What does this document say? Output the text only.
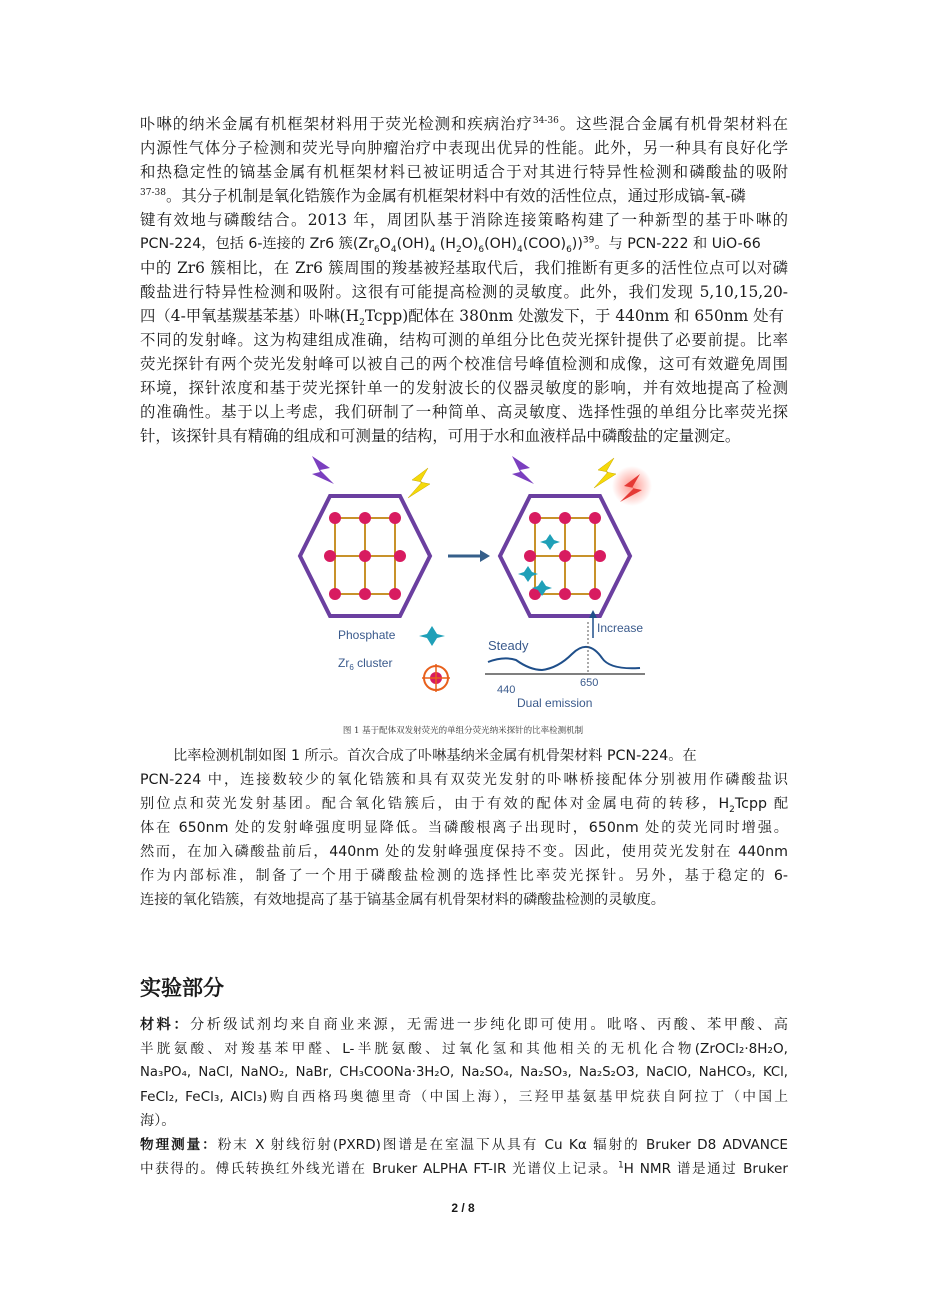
卟啉的纳米金属有机框架材料用于荧光检测和疾病治疗$^{34-36}$。这些混合金属有机骨架材料在
内源性气体分子检测和荧光导向肿瘤治疗中表现出优异的性能。此外，另一种具有良好化学
和热稳定性的镐基金属有机框架材料已被证明适合于对其进行特异性检测和磷酸盐的吸附
$^{37-38}$。其分子机制是氧化锆簇作为金属有机框架材料中有效的活性位点，通过形成镐-氧-磷
键有效地与磷酸结合。2013 年，周团队基于消除连接策略构建了一种新型的基于卟啉的
PCN-224，包括 6-连接的 Zr6 簇($Zr_6O_4(OH)_4$ $(H_2O)_6(OH)_4(COO)_6))^{39}$。与 PCN-222 和 UiO-66
中的 Zr6 簇相比，在 Zr6 簇周围的羧基被羟基取代后，我们推断有更多的活性位点可以对磷
酸盐进行特异性检测和吸附。这很有可能提高检测的灵敏度。此外，我们发现 5,10,15,20-
四（4-甲氧基羰基苯基）卟啉$(H_2Tcpp)$配体在 380nm 处激发下，于 440nm 和 650nm 处有
不同的发射峰。这为构建组成准确，结构可测的单组分比色荧光探针提供了必要前提。比率
荧光探针有两个荧光发射峰可以被自己的两个校准信号峰值检测和成像，这可有效避免周围
环境，探针浓度和基于荧光探针单一的发射波长的仪器灵敏度的影响，并有效地提高了检测
的准确性。基于以上考虑，我们研制了一种简单、高灵敏度、选择性强的单组分比率荧光探
针，该探针具有精确的组成和可测量的结构，可用于水和血液样品中磷酸盐的定量测定。
Phosphate
$Zr_6$ cluster
Steady
Increase
440
650
Dual emission
图 1 基于配体双发射荧光的单组分荧光纳米探针的比率检测机制
比率检测机制如图 1 所示。首次合成了卟啉基纳米金属有机骨架材料 PCN-224。在
PCN-224 中，连接数较少的氧化锆簇和具有双荧光发射的卟啉桥接配体分别被用作磷酸盐识
别位点和荧光发射基团。配合氧化锆簇后，由于有效的配体对金属电荷的转移，$H_2Tcpp$ 配
体在 650nm 处的发射峰强度明显降低。当磷酸根离子出现时，650nm 处的荧光同时增强。
然而，在加入磷酸盐前后，440nm 处的发射峰强度保持不变。因此，使用荧光发射在 440nm
作为内部标准，制备了一个用于磷酸盐检测的选择性比率荧光探针。另外，基于稳定的 6-
连接的氧化锆簇，有效地提高了基于镐基金属有机骨架材料的磷酸盐检测的灵敏度。
实验部分
材料：分析级试剂均来自商业来源，无需进一步纯化即可使用。吡咯、丙酸、苯甲酸、高
半胱氨酸、对羧基苯甲醛、L-半胱氨酸、过氧化氢和其他相关的无机化合物(ZrOCl₂·8H₂O,
Na₃PO₄, NaCl, NaNO₂, NaBr, CH₃COONa·3H₂O, Na₂SO₄, Na₂SO₃, Na₂S₂O3, NaClO, NaHCO₃, KCl,
FeCl₂, FeCl₃, AlCl₃)购自西格玛奥德里奇（中国上海），三羟甲基氨基甲烷获自阿拉丁（中国上
海）。
物理测量：粉末 X 射线衍射(PXRD)图谱是在室温下从具有 Cu Kα 辐射的 Bruker D8 ADVANCE
中获得的。傅氏转换红外线光谱在 Bruker ALPHA FT-IR 光谱仪上记录。$^1$H NMR 谱是通过 Bruker
2 / 8
